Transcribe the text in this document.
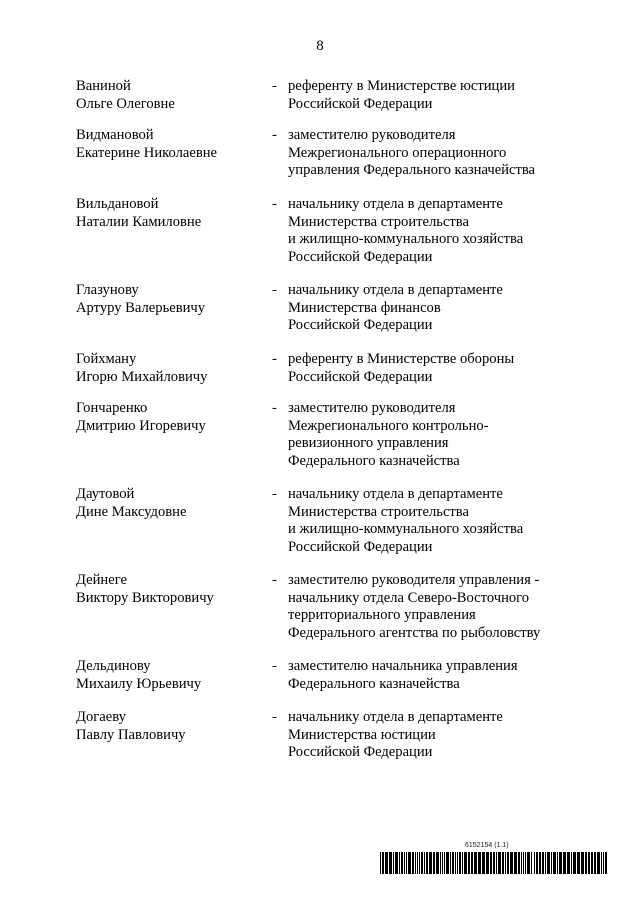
8
Ваниной
Ольге Олеговне
- референту в Министерстве юстиции
Российской Федерации
Видмановой
Екатерине Николаевне
- заместителю руководителя
Межрегионального операционного
управления Федерального казначейства
Вильдановой
Наталии Камиловне
- начальнику отдела в департаменте
Министерства строительства
и жилищно-коммунального хозяйства
Российской Федерации
Глазунову
Артуру Валерьевичу
- начальнику отдела в департаменте
Министерства финансов
Российской Федерации
Гойхману
Игорю Михайловичу
- референту в Министерстве обороны
Российской Федерации
Гончаренко
Дмитрию Игоревичу
- заместителю руководителя
Межрегионального контрольно-
ревизионного управления
Федерального казначейства
Даутовой
Дине Максудовне
- начальнику отдела в департаменте
Министерства строительства
и жилищно-коммунального хозяйства
Российской Федерации
Дейнеге
Виктору Викторовичу
- заместителю руководителя управления -
начальнику отдела Северо-Восточного
территориального управления
Федерального агентства по рыболовству
Дельдинову
Михаилу Юрьевичу
- заместителю начальника управления
Федерального казначейства
Догаеву
Павлу Павловичу
- начальнику отдела в департаменте
Министерства юстиции
Российской Федерации
6152154 (1.1)
